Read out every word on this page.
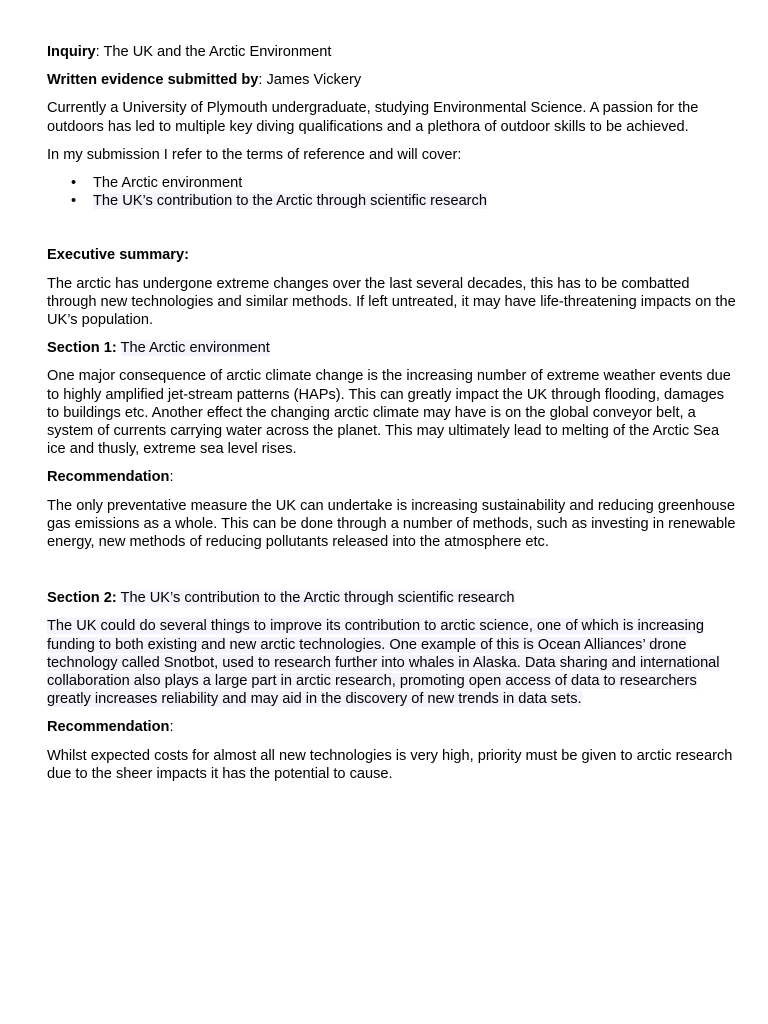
Inquiry: The UK and the Arctic Environment

Written evidence submitted by: James Vickery

Currently a University of Plymouth undergraduate, studying Environmental Science. A passion for the outdoors has led to multiple key diving qualifications and a plethora of outdoor skills to be achieved.

In my submission I refer to the terms of reference and will cover:

• The Arctic environment
• The UK’s contribution to the Arctic through scientific research

Executive summary:

The arctic has undergone extreme changes over the last several decades, this has to be combatted through new technologies and similar methods. If left untreated, it may have life-threatening impacts on the UK’s population.

Section 1: The Arctic environment

One major consequence of arctic climate change is the increasing number of extreme weather events due to highly amplified jet-stream patterns (HAPs). This can greatly impact the UK through flooding, damages to buildings etc. Another effect the changing arctic climate may have is on the global conveyor belt, a system of currents carrying water across the planet. This may ultimately lead to melting of the Arctic Sea ice and thusly, extreme sea level rises.

Recommendation:

The only preventative measure the UK can undertake is increasing sustainability and reducing greenhouse gas emissions as a whole. This can be done through a number of methods, such as investing in renewable energy, new methods of reducing pollutants released into the atmosphere etc.

Section 2: The UK’s contribution to the Arctic through scientific research

The UK could do several things to improve its contribution to arctic science, one of which is increasing funding to both existing and new arctic technologies. One example of this is Ocean Alliances’ drone technology called Snotbot, used to research further into whales in Alaska. Data sharing and international collaboration also plays a large part in arctic research, promoting open access of data to researchers greatly increases reliability and may aid in the discovery of new trends in data sets.

Recommendation:

Whilst expected costs for almost all new technologies is very high, priority must be given to arctic research due to the sheer impacts it has the potential to cause.
